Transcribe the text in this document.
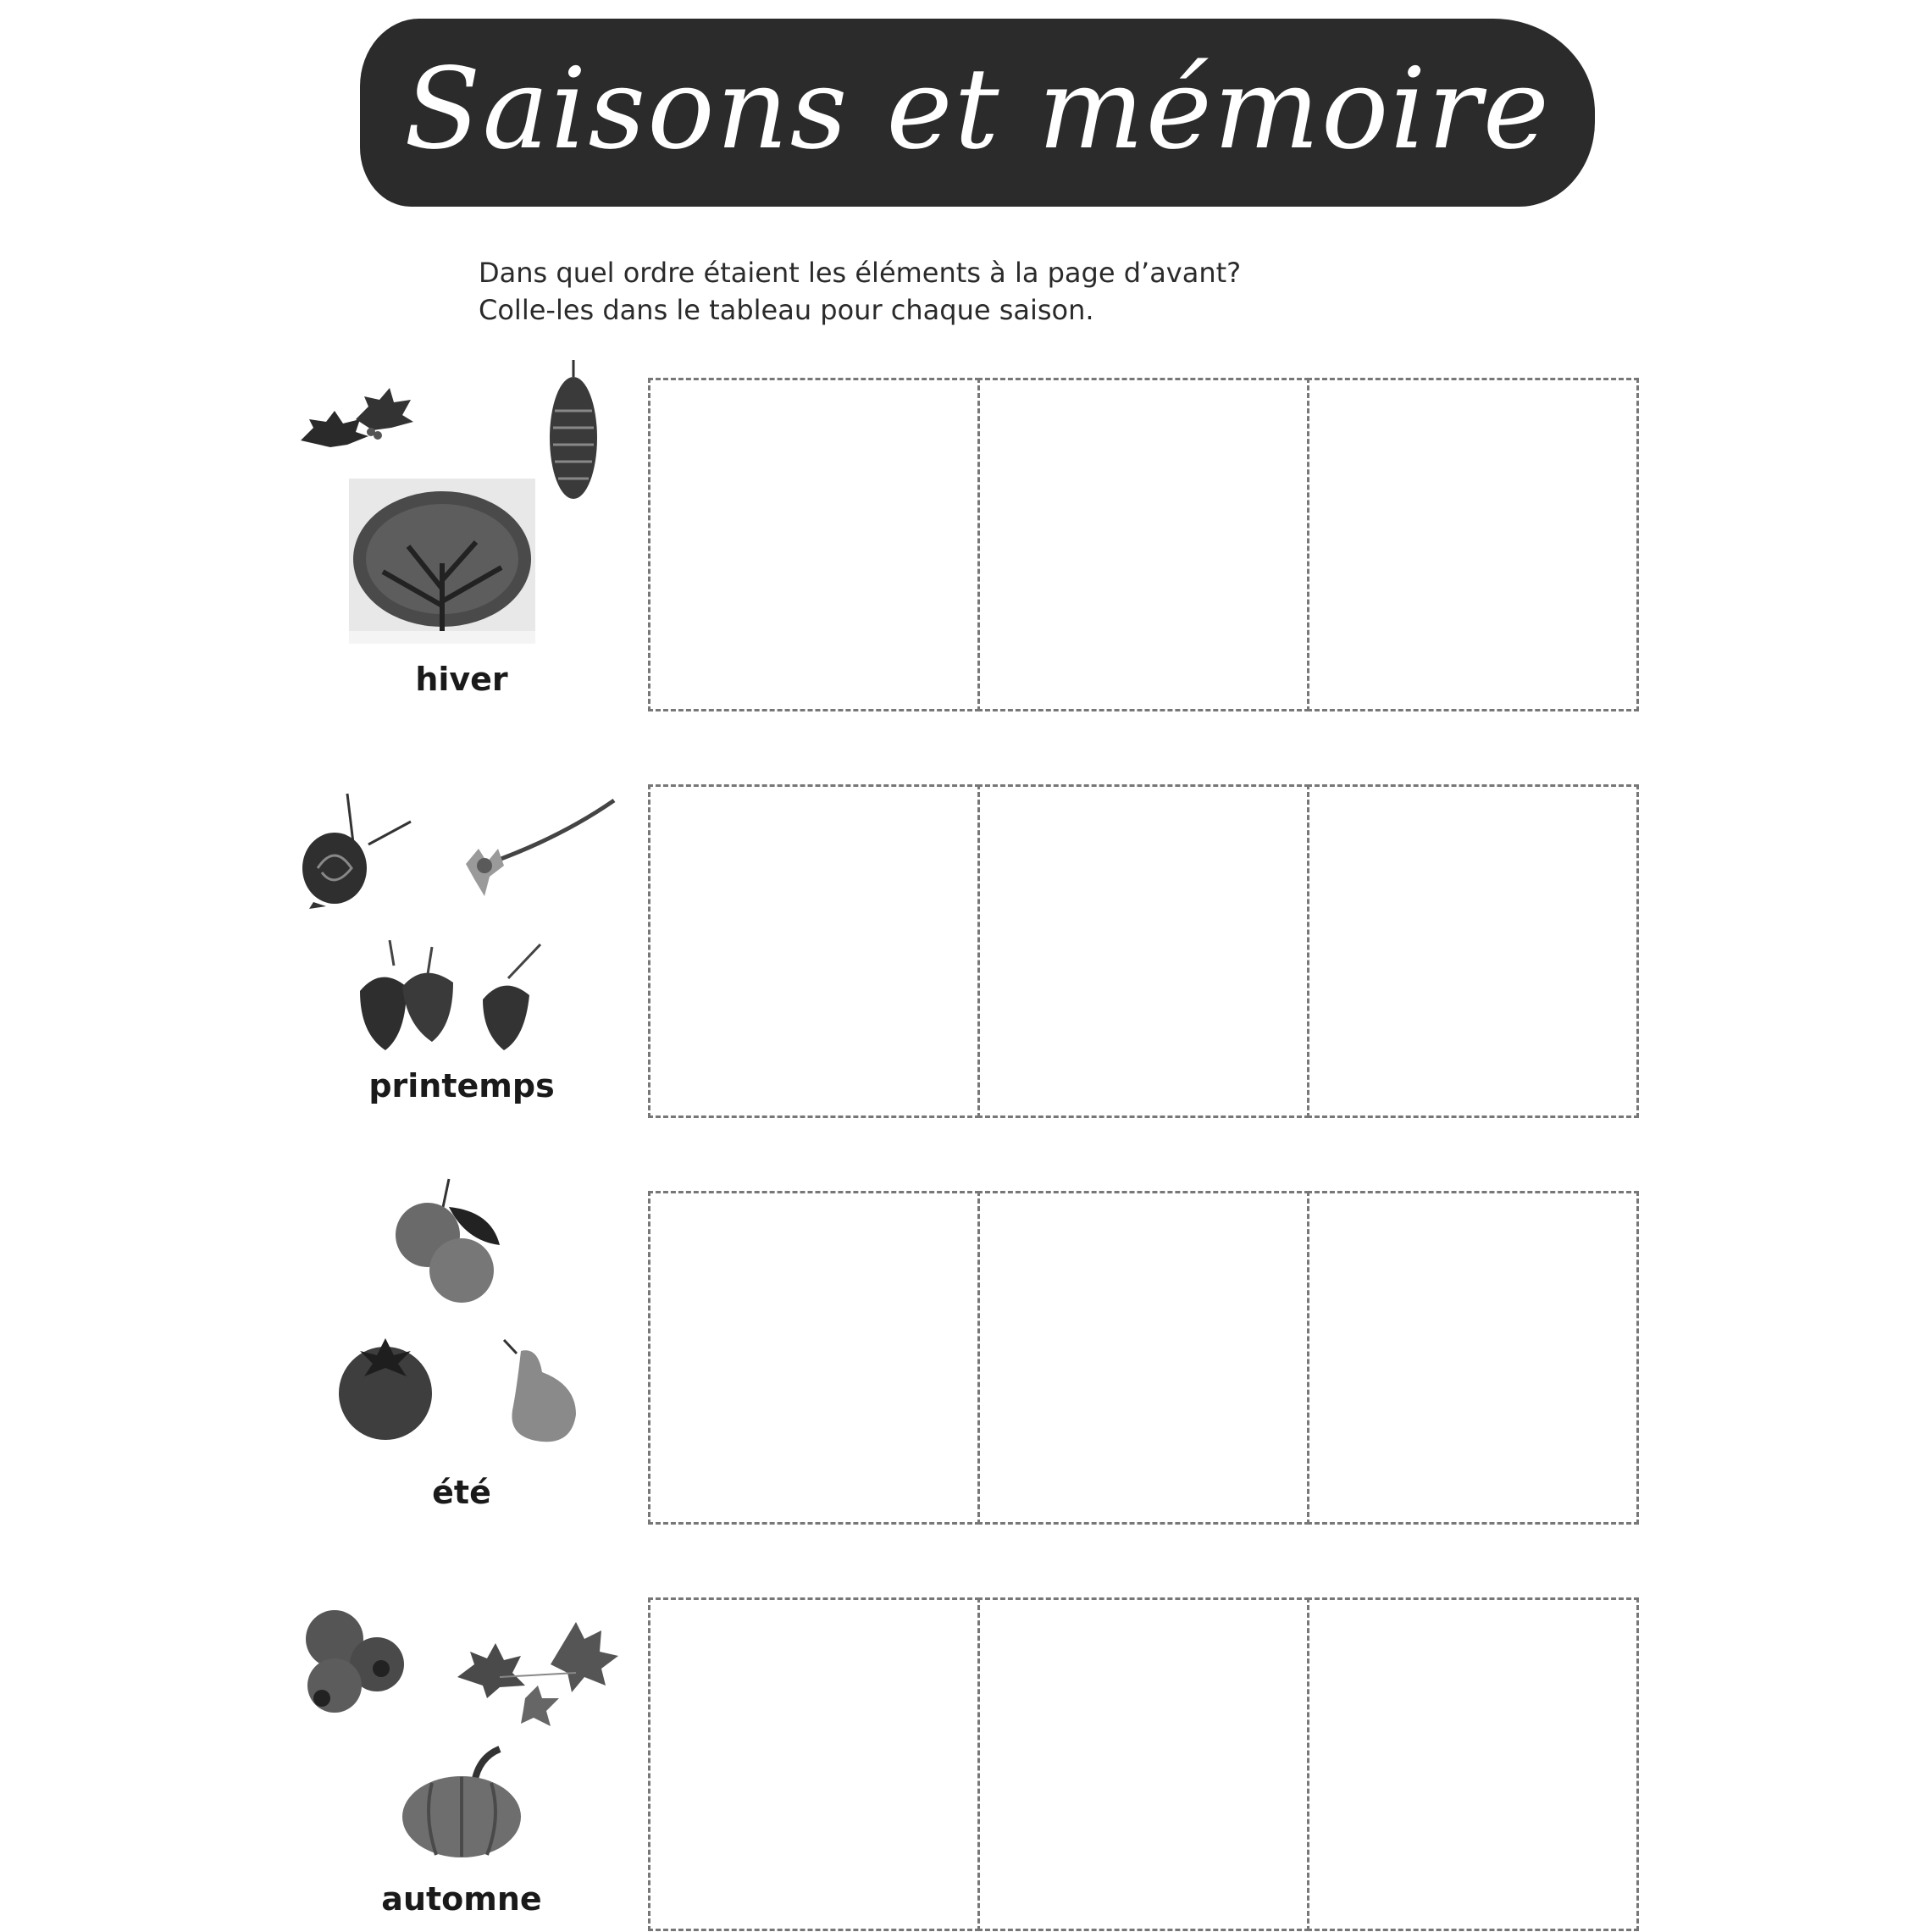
Saisons et mémoire
Dans quel ordre étaient les éléments à la page d’avant?
Colle-les dans le tableau pour chaque saison.
hiver
printemps
été
automne
